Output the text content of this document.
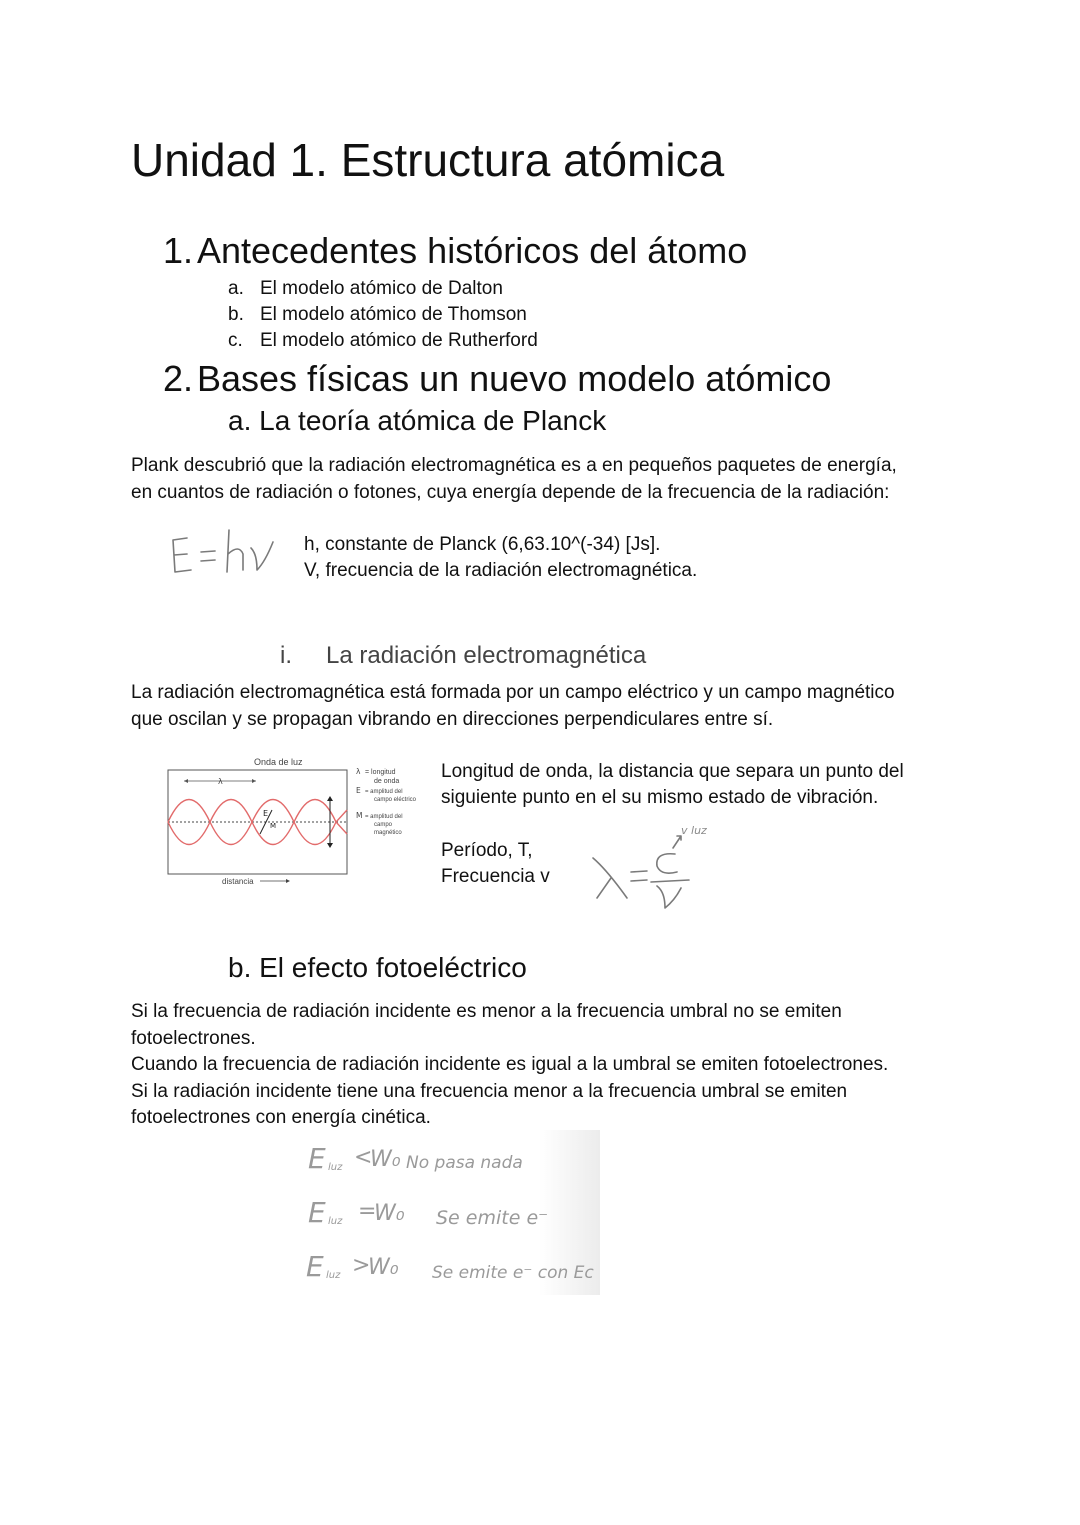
Unidad 1. Estructura atómica
1. Antecedentes históricos del átomo
a. El modelo atómico de Dalton
b. El modelo atómico de Thomson
c. El modelo atómico de Rutherford
2. Bases físicas un nuevo modelo atómico
a. La teoría atómica de Planck
Plank descubrió que la radiación electromagnética es a en pequeños paquetes de energía,
en cuantos de radiación o fotones, cuya energía depende de la frecuencia de la radiación:
h, constante de Planck (6,63.10^(-34) [Js].
V, frecuencia de la radiación electromagnética.
i. La radiación electromagnética
La radiación electromagnética está formada por un campo eléctrico y un campo magnético
que oscilan y se propagan vibrando en direcciones perpendiculares entre sí.
Onda de luz
λ
E
M
distancia
λ = longitud
de onda
E = amplitud del
campo eléctrico
M = amplitud del
campo
magnético
Longitud de onda, la distancia que separa un punto del
siguiente punto en el su mismo estado de vibración.
Período, T,
Frecuencia v
v luz
b. El efecto fotoeléctrico
Si la frecuencia de radiación incidente es menor a la frecuencia umbral no se emiten
fotoelectrones.
Cuando la frecuencia de radiación incidente es igual a la umbral se emiten fotoelectrones.
Si la radiación incidente tiene una frecuencia menor a la frecuencia umbral se emiten
fotoelectrones con energía cinética.
E luz <
W₀ No pasa nada
E luz =
W₀ Se emite e⁻
E luz >
W₀ Se emite e⁻ con Ec
